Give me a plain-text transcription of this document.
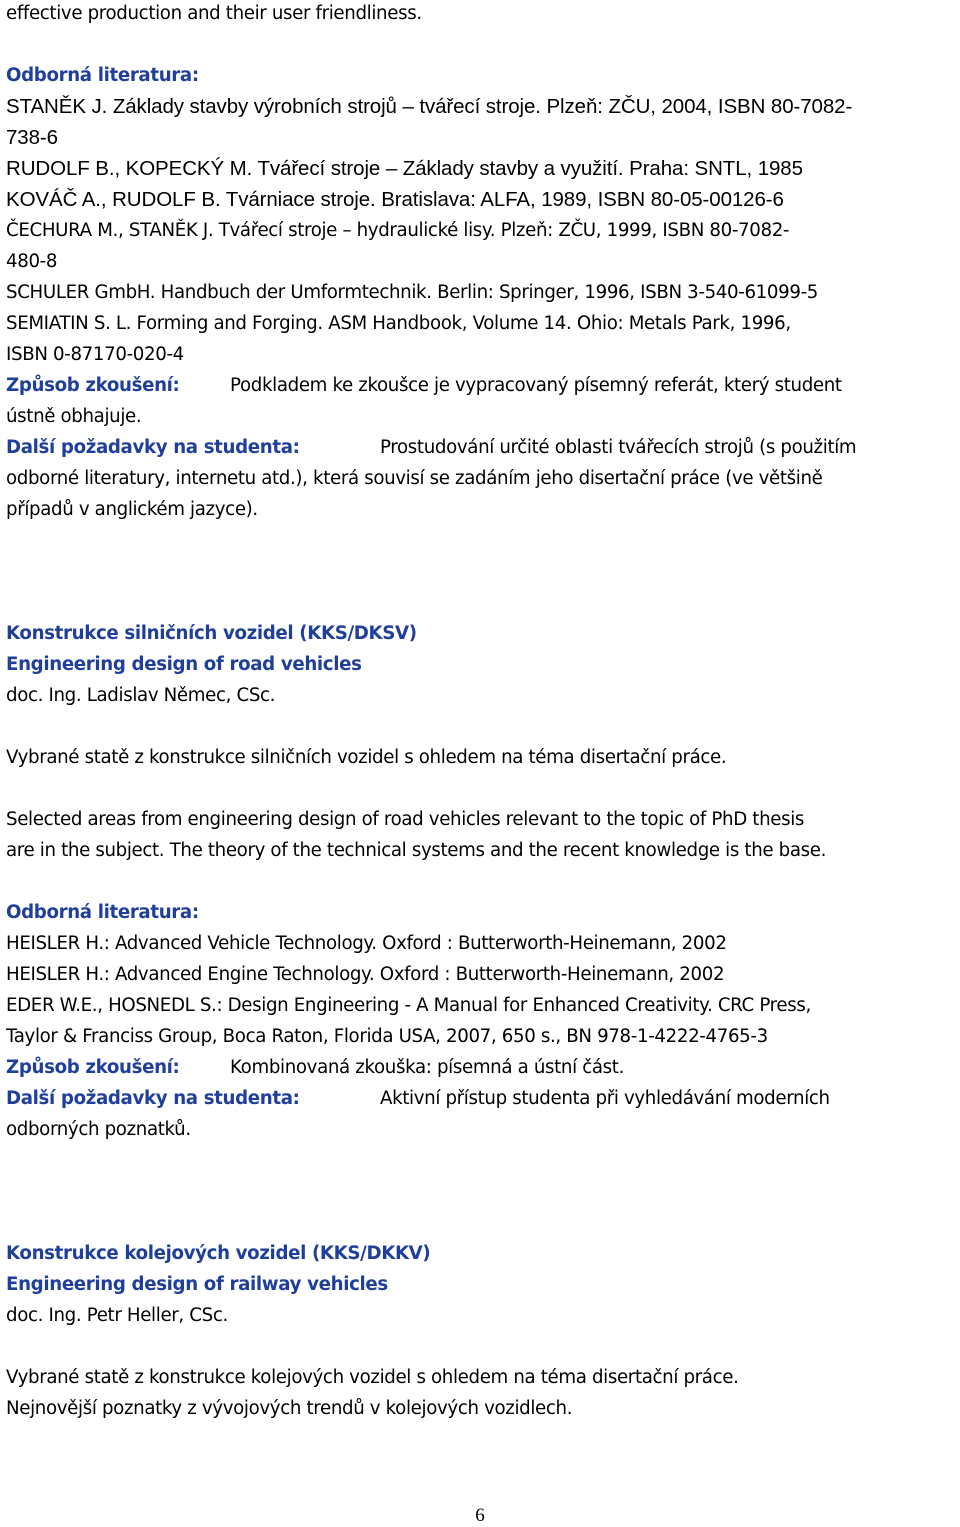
effective production and their user friendliness.
Odborná literatura:
STANĚK J. Základy stavby výrobních strojů – tvářecí stroje. Plzeň: ZČU, 2004, ISBN 80-7082-
738-6
RUDOLF B., KOPECKÝ M. Tvářecí stroje – Základy stavby a využití. Praha: SNTL, 1985
KOVÁČ A., RUDOLF B. Tvárniace stroje. Bratislava: ALFA, 1989, ISBN 80-05-00126-6
ČECHURA M., STANĚK J. Tvářecí stroje – hydraulické lisy. Plzeň: ZČU, 1999, ISBN 80-7082-
480-8
SCHULER GmbH. Handbuch der Umformtechnik. Berlin: Springer, 1996, ISBN 3-540-61099-5
SEMIATIN S. L. Forming and Forging. ASM Handbook, Volume 14. Ohio: Metals Park, 1996,
ISBN 0-87170-020-4
Způsob zkoušení:	Podkladem ke zkoušce je vypracovaný písemný referát, který student
ústně obhajuje.
Další požadavky na studenta:	Prostudování určité oblasti tvářecích strojů (s použitím
odborné literatury, internetu atd.), která souvisí se zadáním jeho disertační práce (ve většině
případů v anglickém jazyce).
Konstrukce silničních vozidel (KKS/DKSV)
Engineering design of road vehicles
doc. Ing. Ladislav Němec, CSc.
Vybrané statě z konstrukce silničních vozidel s ohledem na téma disertační práce.
Selected areas from engineering design of road vehicles relevant to the topic of PhD thesis
are in the subject. The theory of the technical systems and the recent knowledge is the base.
Odborná literatura:
HEISLER H.: Advanced Vehicle Technology. Oxford : Butterworth-Heinemann, 2002
HEISLER H.: Advanced Engine Technology. Oxford : Butterworth-Heinemann, 2002
EDER W.E., HOSNEDL S.: Design Engineering - A Manual for Enhanced Creativity. CRC Press,
Taylor & Franciss Group, Boca Raton, Florida USA, 2007, 650 s., BN 978-1-4222-4765-3
Způsob zkoušení:	Kombinovaná zkouška: písemná a ústní část.
Další požadavky na studenta:	Aktivní přístup studenta při vyhledávání moderních
odborných poznatků.
Konstrukce kolejových vozidel (KKS/DKKV)
Engineering design of railway vehicles
doc. Ing. Petr Heller, CSc.
Vybrané statě z konstrukce kolejových vozidel s ohledem na téma disertační práce.
Nejnovější poznatky z vývojových trendů v kolejových vozidlech.
6
